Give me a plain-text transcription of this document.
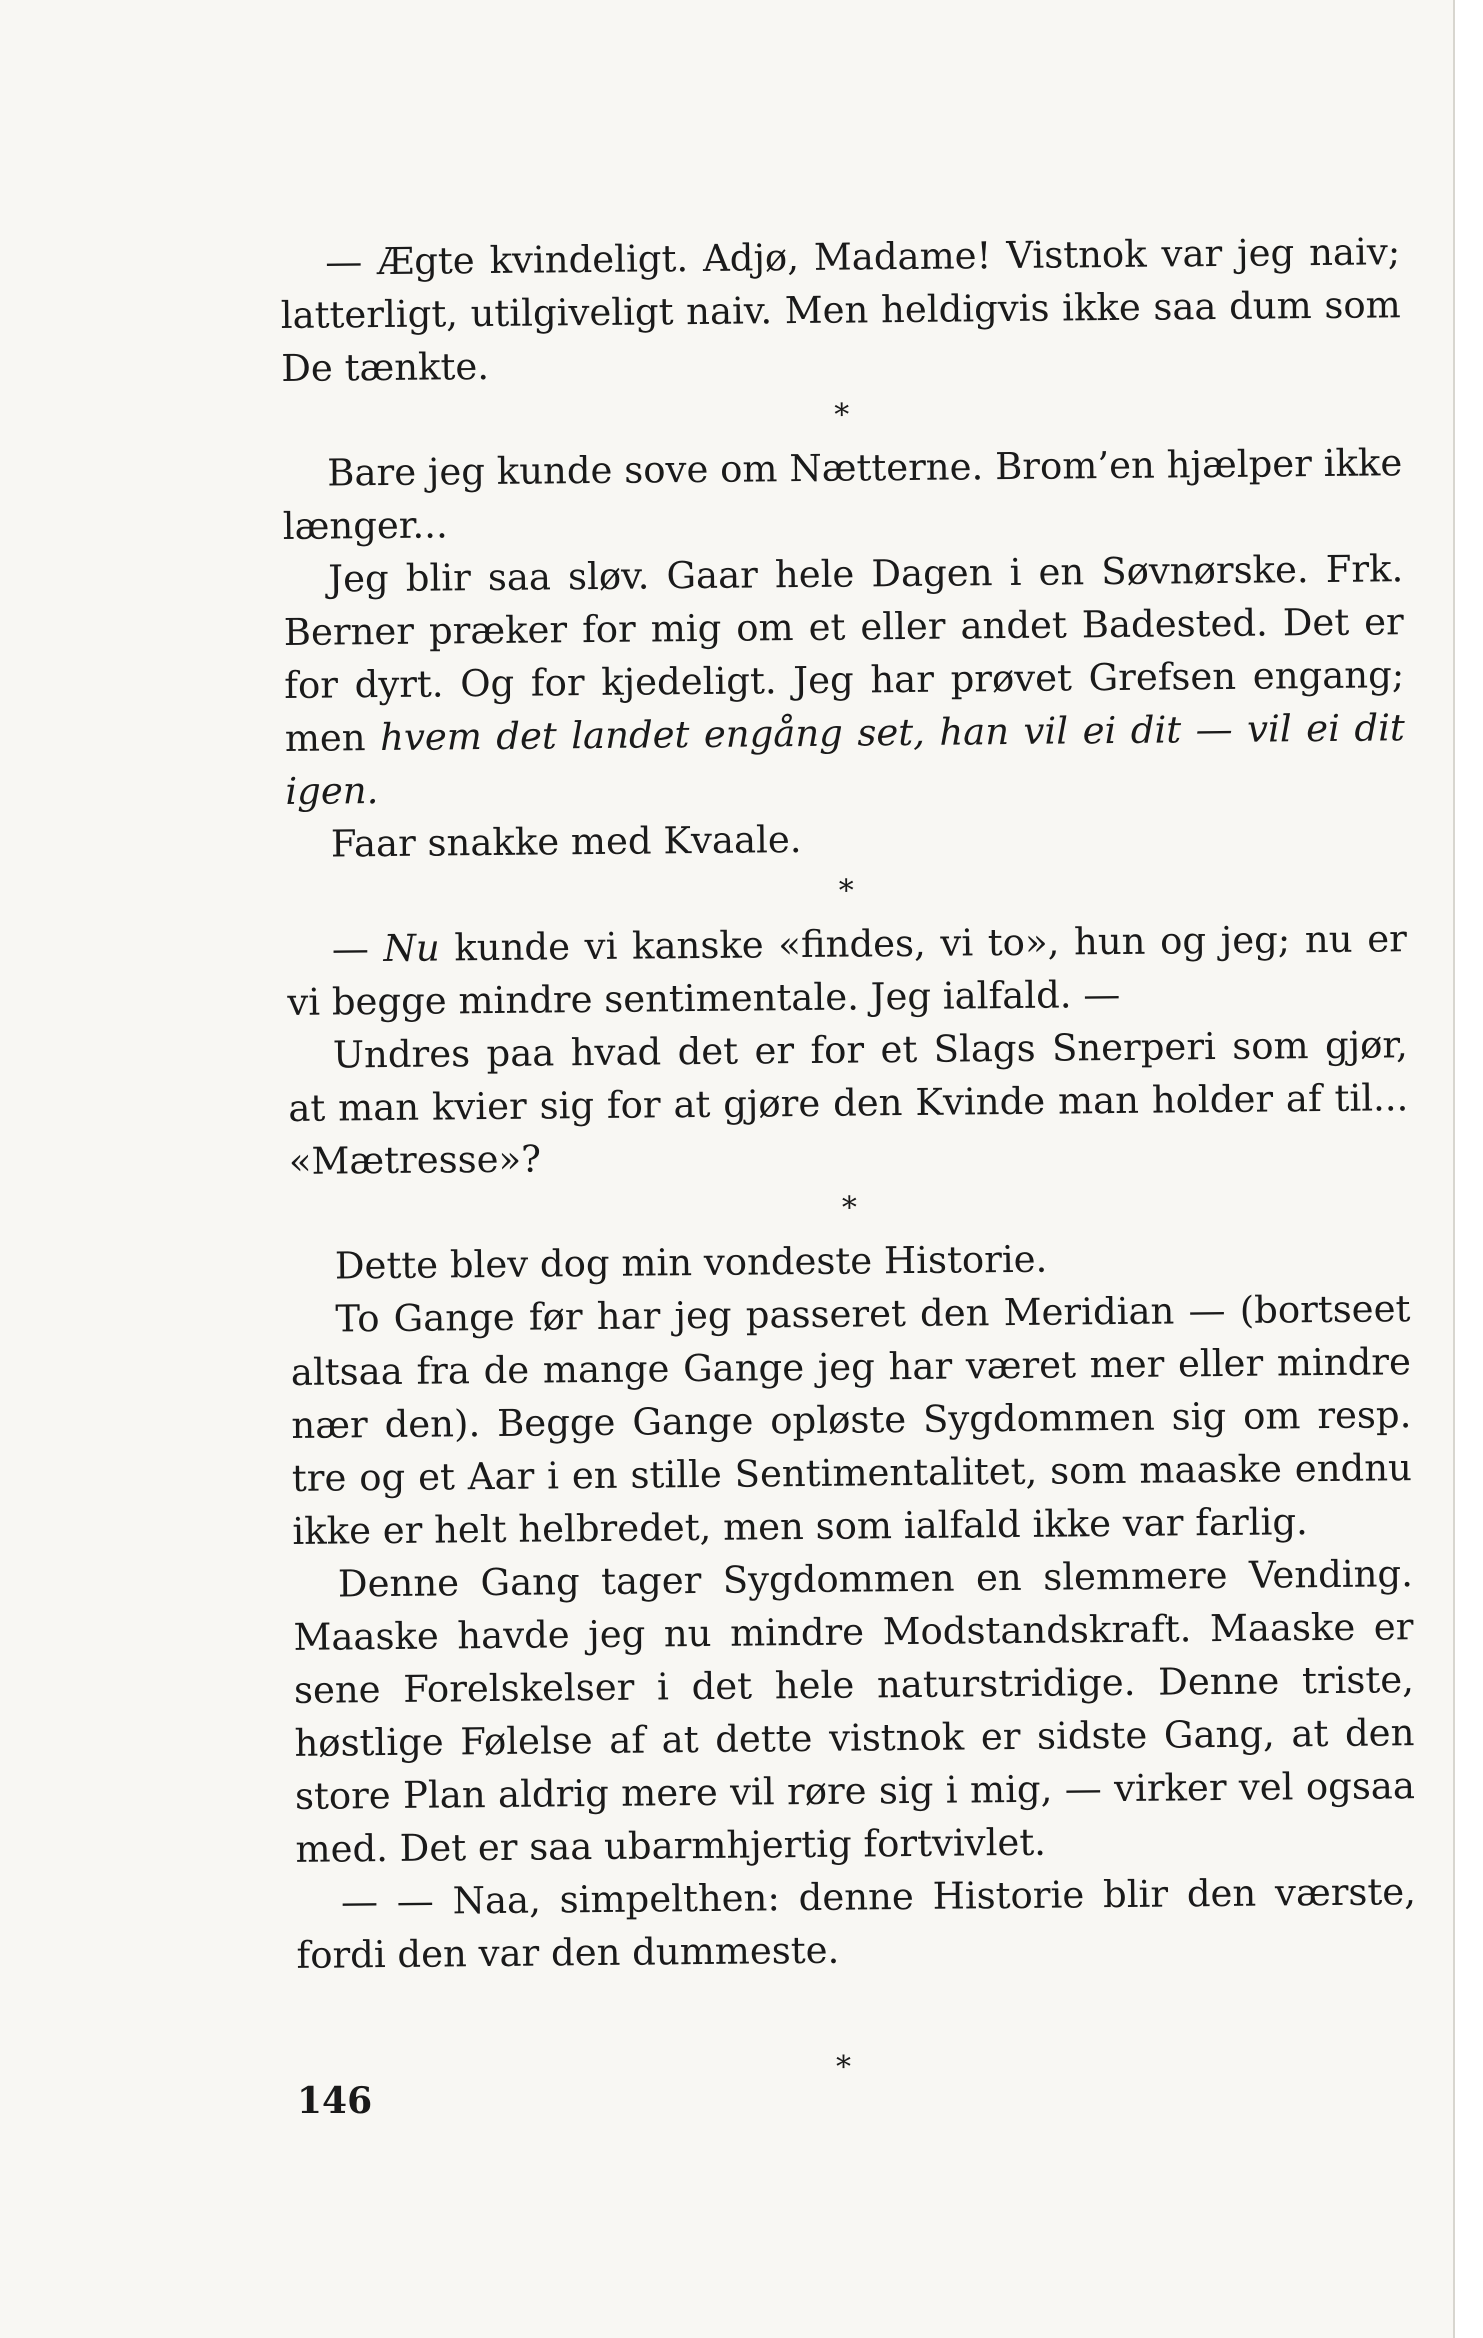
— Ægte kvindeligt. Adjø, Madame! Vistnok var jeg naiv; latterligt, utilgiveligt naiv. Men heldigvis ikke saa dum som De tænkte.

*

Bare jeg kunde sove om Nætterne. Brom’en hjælper ikke længer...

Jeg blir saa sløv. Gaar hele Dagen i en Søvnørske. Frk. Berner præker for mig om et eller andet Badested. Det er for dyrt. Og for kjedeligt. Jeg har prøvet Grefsen engang; men hvem det landet engång set, han vil ei dit — vil ei dit igen.

Faar snakke med Kvaale.

*

— Nu kunde vi kanske «findes, vi to», hun og jeg; nu er vi begge mindre sentimentale. Jeg ialfald. —

Undres paa hvad det er for et Slags Snerperi som gjør, at man kvier sig for at gjøre den Kvinde man holder af til... «Mætresse»?

*

Dette blev dog min vondeste Historie.

To Gange før har jeg passeret den Meridian — (bortseet altsaa fra de mange Gange jeg har været mer eller mindre nær den). Begge Gange opløste Sygdommen sig om resp. tre og et Aar i en stille Sentimentalitet, som maaske endnu ikke er helt helbredet, men som ialfald ikke var farlig.

Denne Gang tager Sygdommen en slemmere Vending. Maaske havde jeg nu mindre Modstandskraft. Maaske er sene Forelskelser i det hele naturstridige. Denne triste, høstlige Følelse af at dette vistnok er sidste Gang, at den store Plan aldrig mere vil røre sig i mig, — virker vel ogsaa med. Det er saa ubarmhjertig fortvivlet.

— — Naa, simpelthen: denne Historie blir den værste, fordi den var den dummeste.

*
146
